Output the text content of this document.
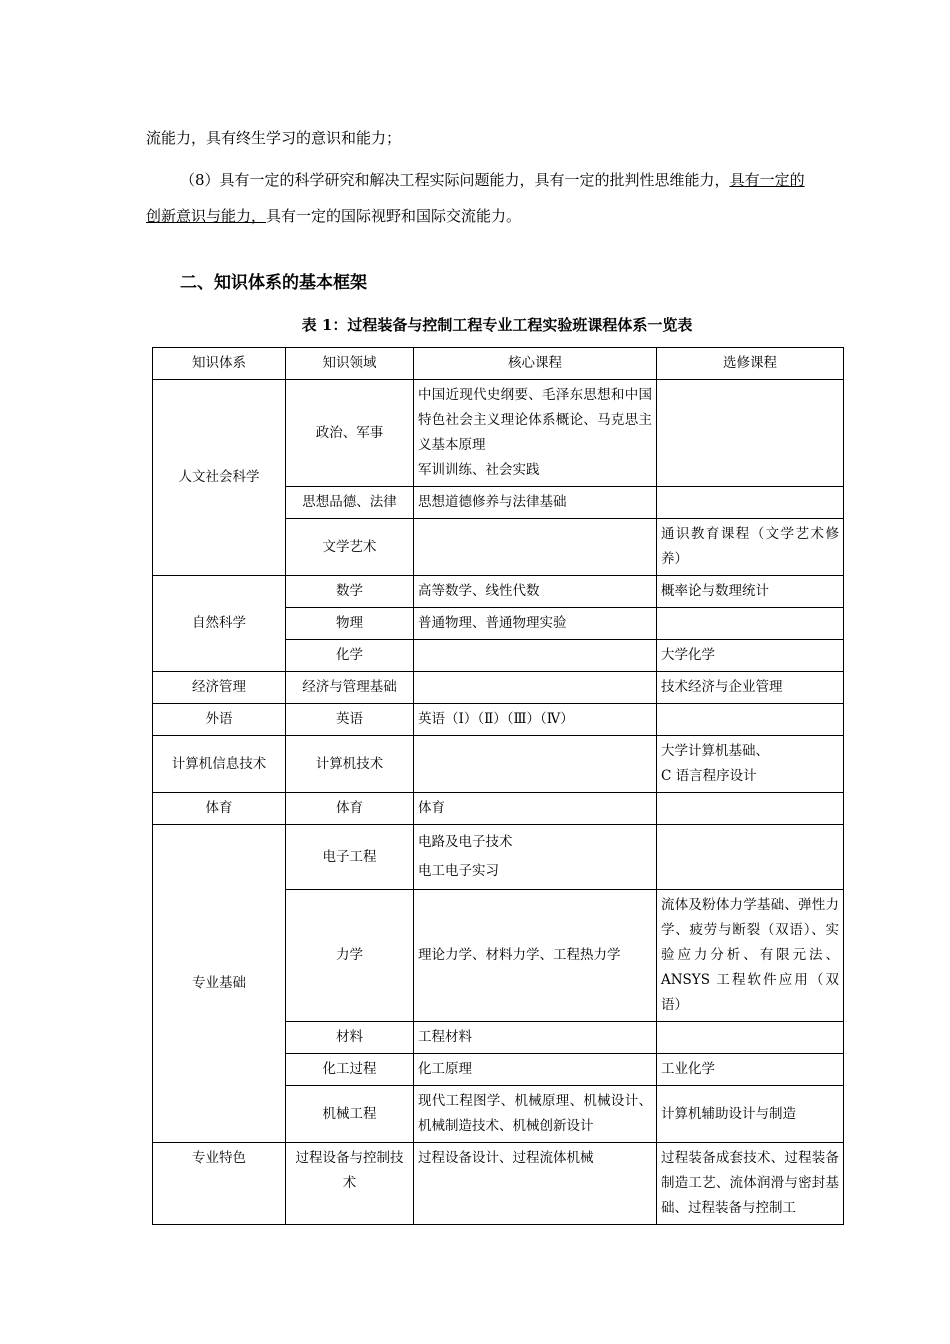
流能力，具有终生学习的意识和能力；

（8）具有一定的科学研究和解决工程实际问题能力，具有一定的批判性思维能力，具有一定的创新意识与能力，具有一定的国际视野和国际交流能力。

二、知识体系的基本框架

表 1：过程装备与控制工程专业工程实验班课程体系一览表

知识体系	知识领域	核心课程	选修课程
人文社会科学	政治、军事	中国近现代史纲要、毛泽东思想和中国特色社会主义理论体系概论、马克思主义基本原理
军训训练、社会实践	

	思想品德、法律	思想道德修养与法律基础	
	文学艺术		通识教育课程（文学艺术修养）
自然科学	数学	高等数学、线性代数	概率论与数理统计
	物理	普通物理、普通物理实验	
	化学		大学化学
经济管理	经济与管理基础		技术经济与企业管理
外语	英语	英语（Ⅰ）（Ⅱ）（Ⅲ）（Ⅳ）	
计算机信息技术	计算机技术		大学计算机基础、
C 语言程序设计

体育	体育	体育	
专业基础	电子工程	电路及电子技术
电工电子实习	

	力学	理论力学、材料力学、工程热力学	流体及粉体力学基础、弹性力学、疲劳与断裂（双语）、实验应力分析、有限元法、ANSYS 工程软件应用（双语）
	材料	工程材料	
	化工过程	化工原理	工业化学
	机械工程	现代工程图学、机械原理、机械设计、机械制造技术、机械创新设计	计算机辅助设计与制造
专业特色	过程设备与控制技术	过程设备设计、过程流体机械	过程装备成套技术、过程装备制造工艺、流体润滑与密封基础、过程装备与控制工
